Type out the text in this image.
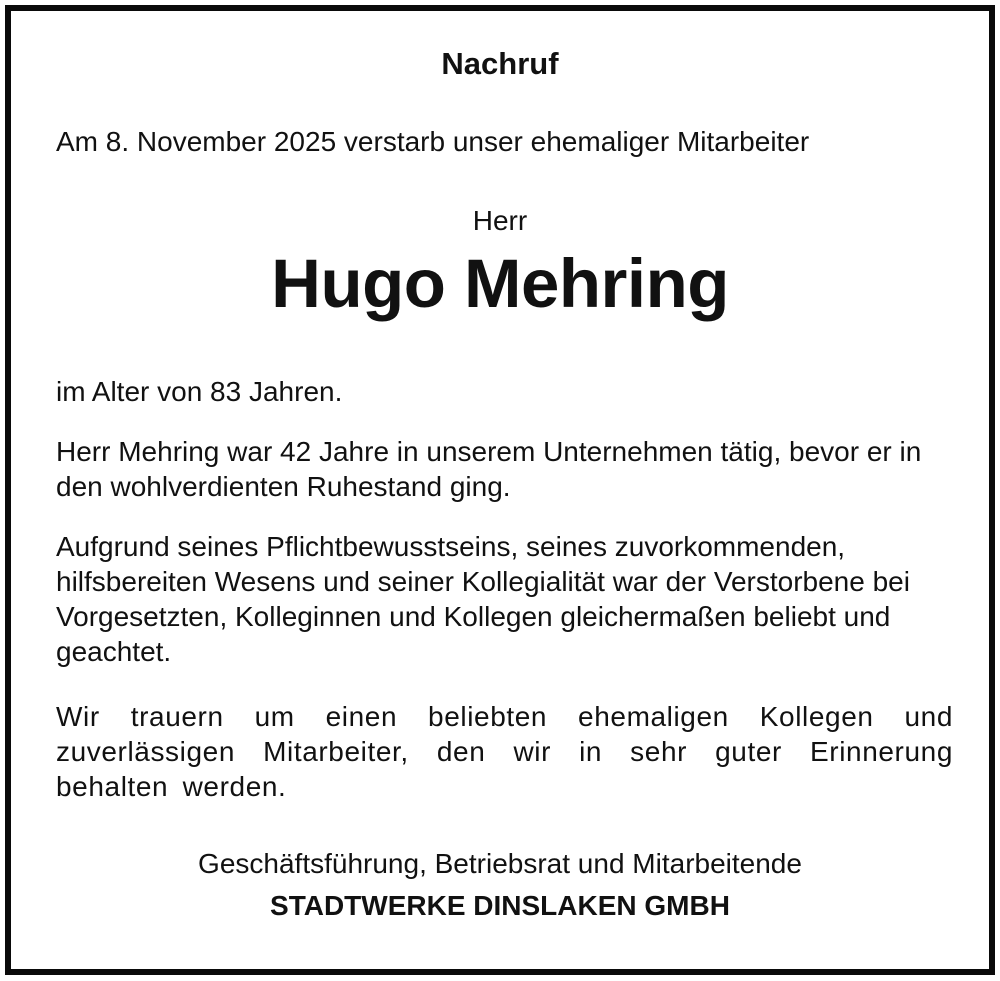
Nachruf
Am 8. November 2025 verstarb unser ehemaliger Mitarbeiter
Herr
Hugo Mehring

im Alter von 83 Jahren.

Herr Mehring war 42 Jahre in unserem Unternehmen tätig, bevor er in den wohlverdienten Ruhestand ging.

Aufgrund seines Pflichtbewusstseins, seines zuvorkommenden, hilfsbereiten Wesens und seiner Kollegialität war der Verstorbene bei Vorgesetzten, Kolleginnen und Kollegen gleichermaßen beliebt und geachtet.

Wir trauern um einen beliebten ehemaligen Kollegen und zuverlässigen Mitarbeiter, den wir in sehr guter Erinnerung behalten werden.

Geschäftsführung, Betriebsrat und Mitarbeitende
STADTWERKE DINSLAKEN GMBH
